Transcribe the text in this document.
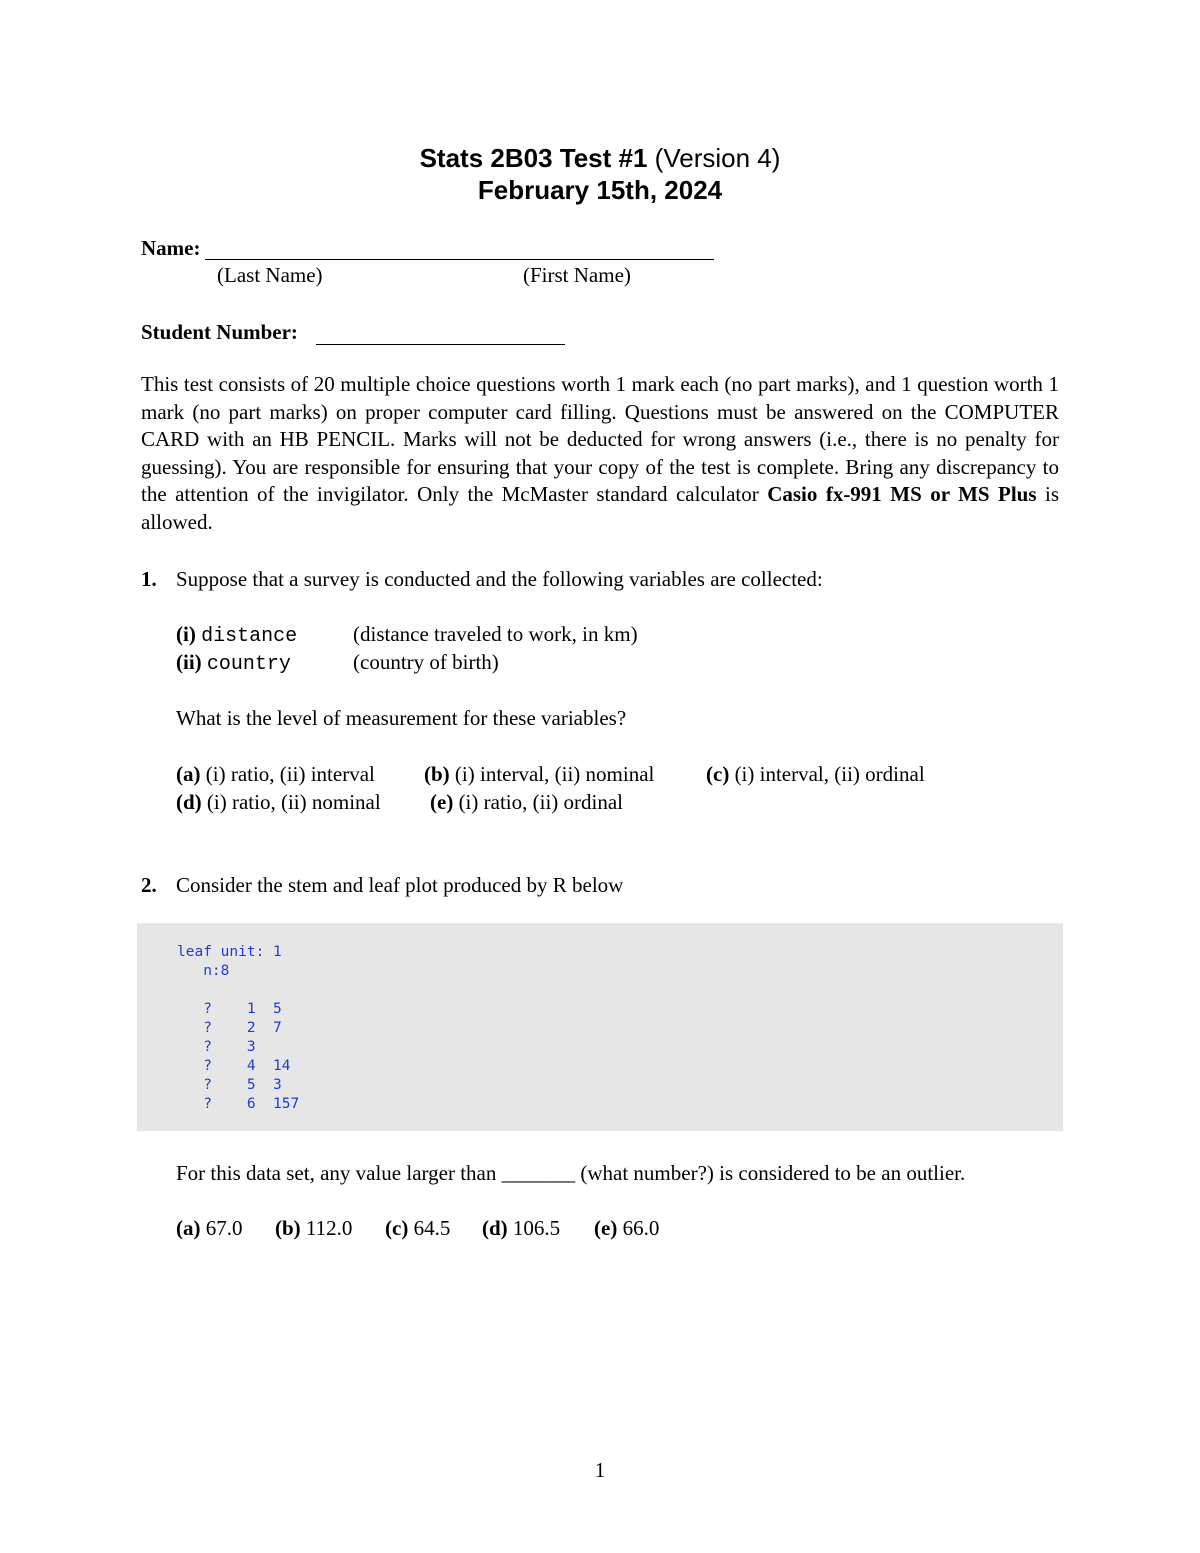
Stats 2B03 Test #1 (Version 4)
February 15th, 2024
Name:
(Last Name)	(First Name)
Student Number:

This test consists of 20 multiple choice questions worth 1 mark each (no part marks), and 1 question worth 1 mark (no part marks) on proper computer card filling. Questions must be answered on the COMPUTER CARD with an HB PENCIL. Marks will not be deducted for wrong answers (i.e., there is no penalty for guessing). You are responsible for ensuring that your copy of the test is complete. Bring any discrepancy to the attention of the invigilator. Only the McMaster standard calculator Casio fx-991 MS or MS Plus is allowed.

1. Suppose that a survey is conducted and the following variables are collected:
(i) distance	(distance traveled to work, in km)
(ii) country	(country of birth)
What is the level of measurement for these variables?
(a) (i) ratio, (ii) interval (b) (i) interval, (ii) nominal (c) (i) interval, (ii) ordinal
(d) (i) ratio, (ii) nominal (e) (i) ratio, (ii) ordinal
2. Consider the stem and leaf plot produced by R below
leaf unit: 1
n:8

?    1  5
?    2  7
?    3
?    4  14
?    5  3
?    6  157
For this data set, any value larger than _______ (what number?) is considered to be an outlier.
(a) 67.0 (b) 112.0 (c) 64.5 (d) 106.5 (e) 66.0
1
